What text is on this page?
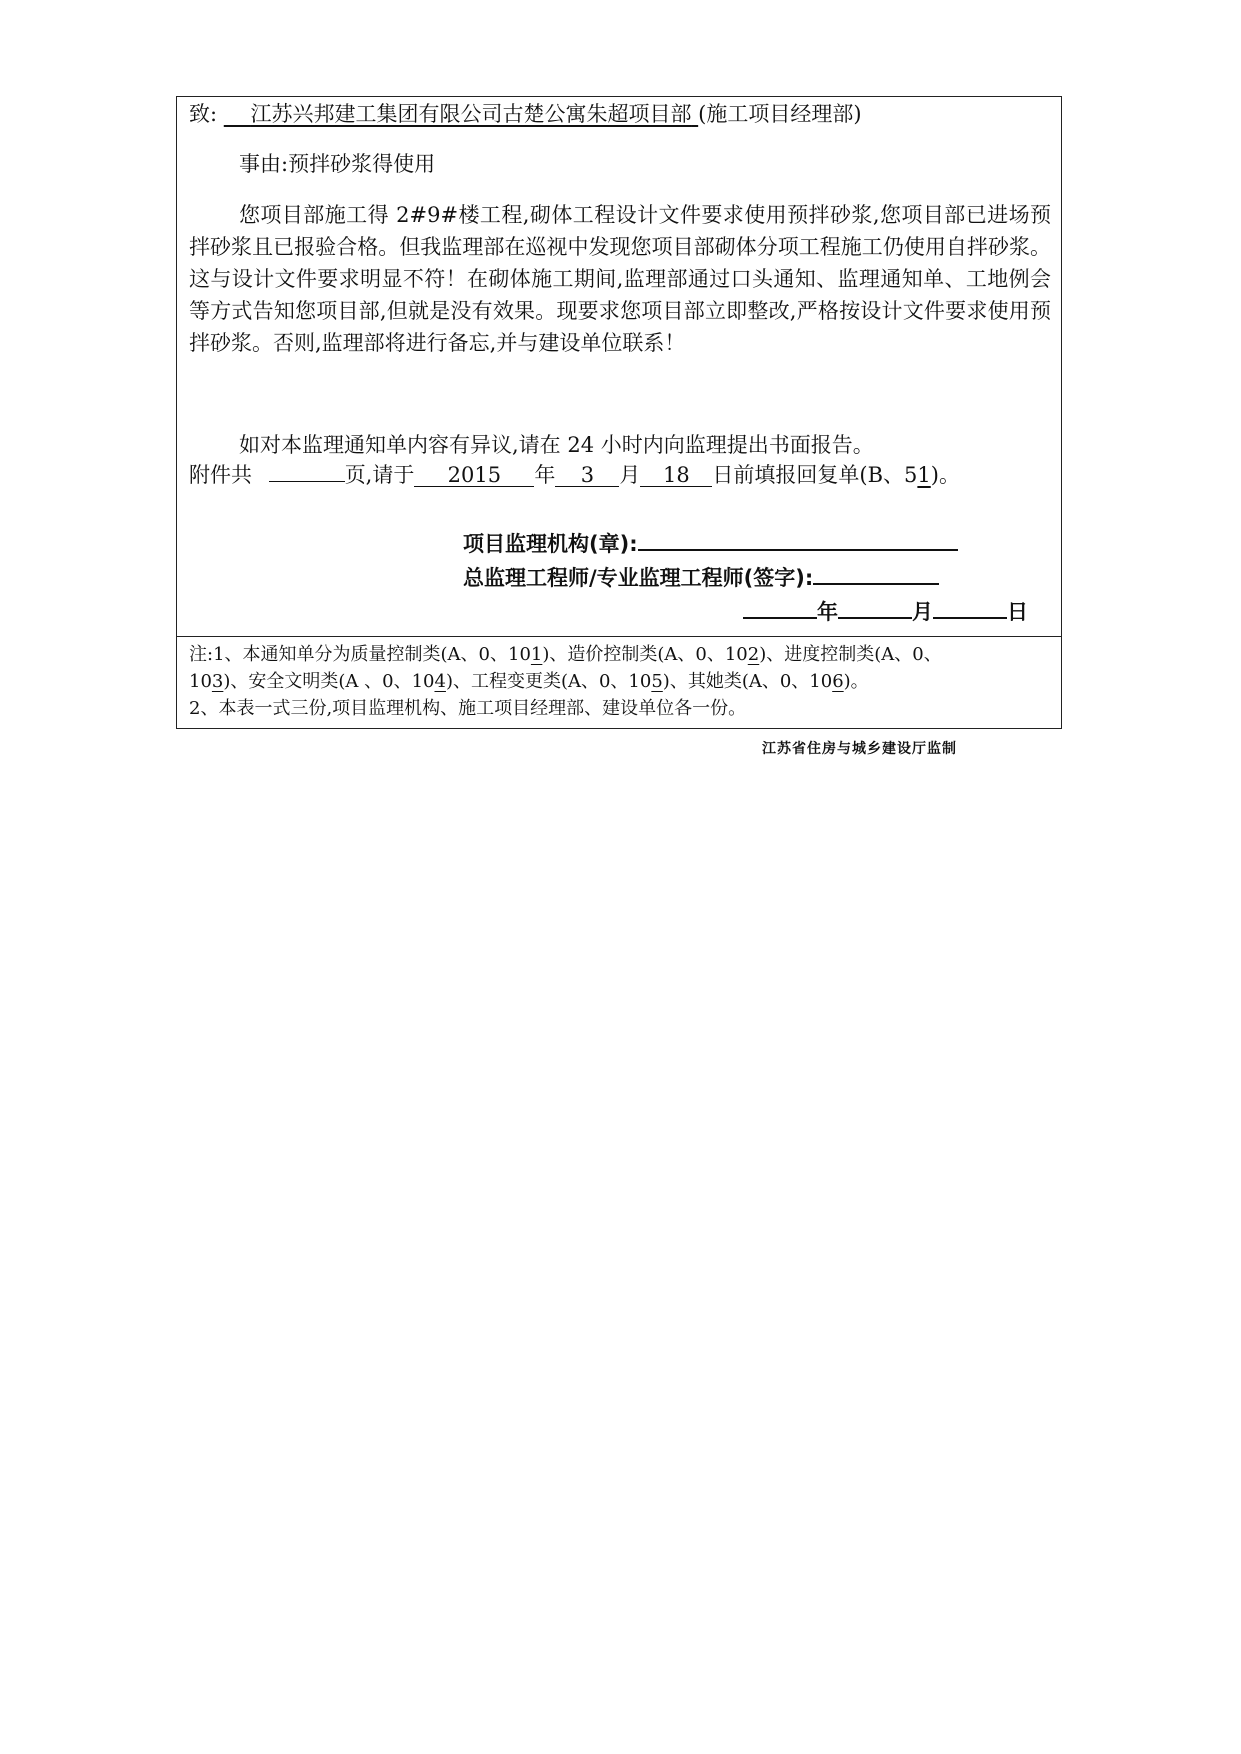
致: 江苏兴邦建工集团有限公司古楚公寓朱超项目部 (施工项目经理部)
事由:预拌砂浆得使用
您项目部施工得 2#9#楼工程,砌体工程设计文件要求使用预拌砂浆,您项目部已进场预拌砂浆且已报验合格。但我监理部在巡视中发现您项目部砌体分项工程施工仍使用自拌砂浆。这与设计文件要求明显不符！在砌体施工期间,监理部通过口头通知、监理通知单、工地例会等方式告知您项目部,但就是没有效果。现要求您项目部立即整改,严格按设计文件要求使用预拌砂浆。否则,监理部将进行备忘,并与建设单位联系！
如对本监理通知单内容有异议,请在 24 小时内向监理提出书面报告。
附件共	页,请于 2015 年 3 月 18 日前填报回复单(B、51)。
项目监理机构(章):
总监理工程师/专业监理工程师(签字):
年	月	日
注:1、本通知单分为质量控制类(A、0、101)、造价控制类(A、0、102)、进度控制类(A、0、
103)、安全文明类(A 、0、104)、工程变更类(A、0、105)、其她类(A、0、106)。
2、本表一式三份,项目监理机构、施工项目经理部、建设单位各一份。
江苏省住房与城乡建设厅监制
